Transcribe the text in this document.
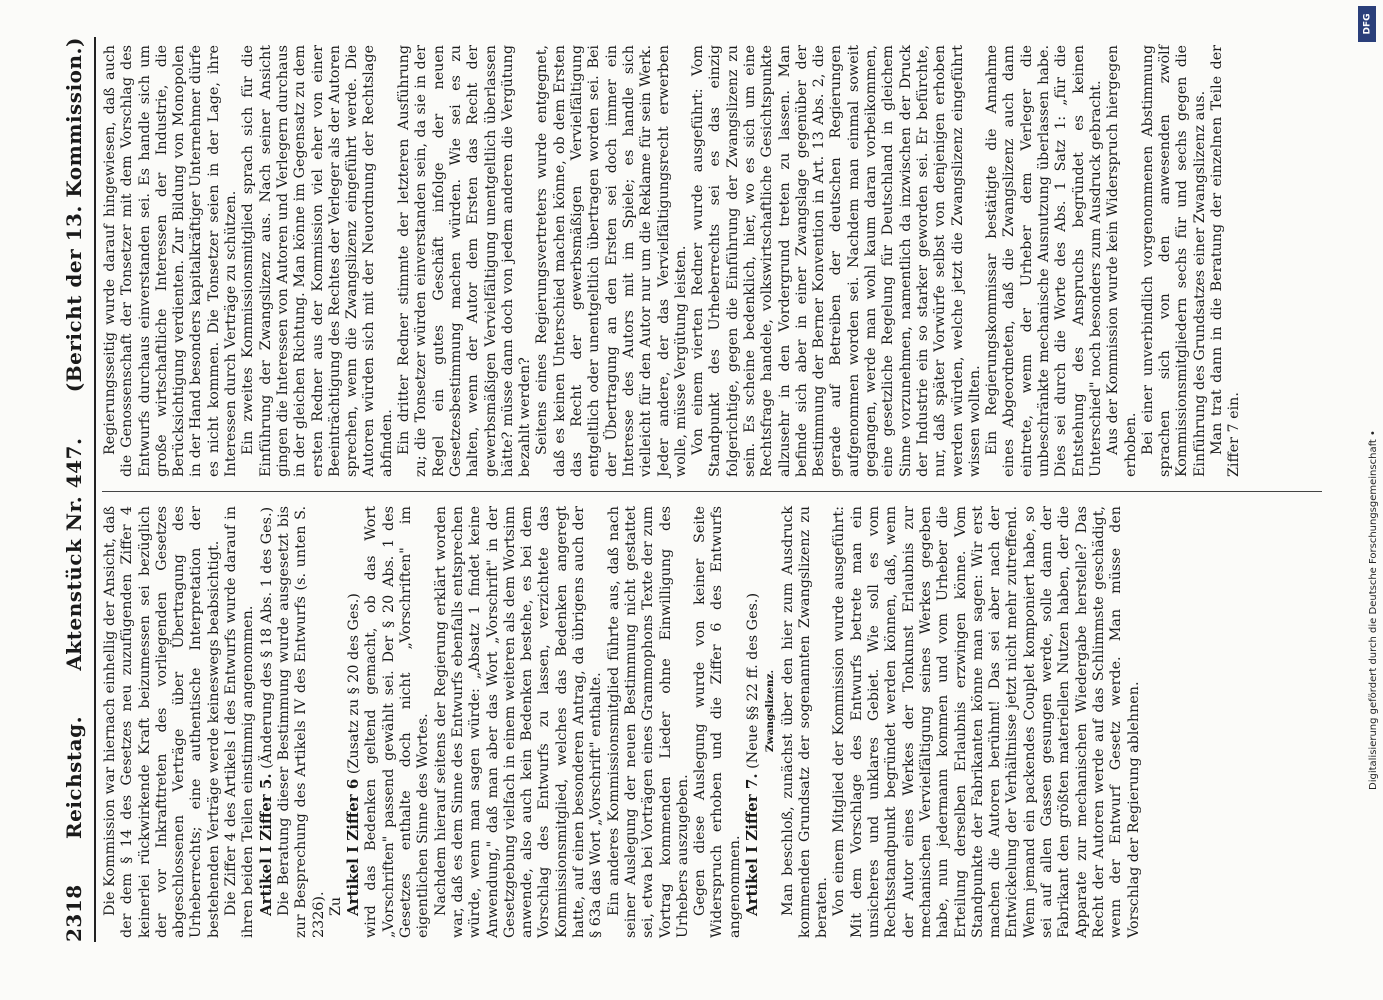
2318
Reichstag.
Aktenstück Nr. 447.
(Bericht der 13. Kommission.)

Die Kommission war hiernach einhellig der Ansicht, daß der dem § 14 des Gesetzes neu zuzufügenden Ziffer 4 keinerlei rückwirkende Kraft beizumessen sei bezüglich der vor Inkrafttreten des vorliegenden Gesetzes abgeschlossenen Verträge über Übertragung des Urheberrechts; eine authentische Interpretation der bestehenden Verträge werde keineswegs beabsichtigt. Die Ziffer 4 des Artikels I des Entwurfs wurde darauf in ihren beiden Teilen einstimmig angenommen. Artikel I Ziffer 5. (Änderung des § 18 Abs. 1 des Ges.) Die Beratung dieser Bestimmung wurde ausgesetzt bis zur Besprechung des Artikels IV des Entwurfs (s. unten S. 2326). Zu Artikel I Ziffer 6 (Zusatz zu § 20 des Ges.) wird das Bedenken geltend gemacht, ob das Wort „Vorschriften" passend gewählt sei. Der § 20 Abs. 1 des Gesetzes enthalte doch nicht „Vorschriften" im eigentlichen Sinne des Wortes. Nachdem hierauf seitens der Regierung erklärt worden war, daß es dem Sinne des Entwurfs ebenfalls entsprechen würde, wenn man sagen würde: „Absatz 1 findet keine Anwendung," daß man aber das Wort „Vorschrift" in der Gesetzgebung vielfach in einem weiteren als dem Wortsinn anwende, also auch kein Bedenken bestehe, es bei dem Vorschlag des Entwurfs zu lassen, verzichtete das Kommissionsmitglied, welches das Bedenken angeregt hatte, auf einen besonderen Antrag, da übrigens auch der § 63a das Wort „Vorschrift" enthalte. Ein anderes Kommissionsmitglied führte aus, daß nach seiner Auslegung der neuen Bestimmung nicht gestattet sei, etwa bei Vorträgen eines Grammophons Texte der zum Vortrag kommenden Lieder ohne Einwilligung des Urhebers auszugeben. Gegen diese Auslegung wurde von keiner Seite Widerspruch erhoben und die Ziffer 6 des Entwurfs angenommen. Artikel I Ziffer 7. (Neue §§ 22 ff. des Ges.) Zwangslizenz. Man beschloß, zunächst über den hier zum Ausdruck kommenden Grundsatz der sogenannten Zwangslizenz zu beraten. Von einem Mitglied der Kommission wurde ausgeführt: Mit dem Vorschlage des Entwurfs betrete man ein unsicheres und unklares Gebiet. Wie soll es vom Rechtsstandpunkt begründet werden können, daß, wenn der Autor eines Werkes der Tonkunst Erlaubnis zur mechanischen Vervielfältigung seines Werkes gegeben habe, nun jedermann kommen und vom Urheber die Erteilung derselben Erlaubnis erzwingen könne. Vom Standpunkte der Fabrikanten könne man sagen: Wir erst machen die Autoren berühmt! Das sei aber nach der Entwickelung der Verhältnisse jetzt nicht mehr zutreffend. Wenn jemand ein packendes Couplet komponiert habe, so sei auf allen Gassen gesungen werde, solle dann der Fabrikant den größten materiellen Nutzen haben, der die Apparate zur mechanischen Wiedergabe herstelle? Das Recht der Autoren werde auf das Schlimmste geschädigt, wenn der Entwurf Gesetz werde. Man müsse den Vorschlag der Regierung ablehnen.

Regierungsseitig wurde darauf hingewiesen, daß auch die Genossenschaft der Tonsetzer mit dem Vorschlag des Entwurfs durchaus einverstanden sei. Es handle sich um große wirtschaftliche Interessen der Industrie, die Berücksichtigung verdienten. Zur Bildung von Monopolen in der Hand besonders kapitalkräftiger Unternehmer dürfe es nicht kommen. Die Tonsetzer seien in der Lage, ihre Interessen durch Verträge zu schützen. Ein zweites Kommissionsmitglied sprach sich für die Einführung der Zwangslizenz aus. Nach seiner Ansicht gingen die Interessen von Autoren und Verlegern durchaus in der gleichen Richtung. Man könne im Gegensatz zu dem ersten Redner aus der Kommission viel eher von einer Beeinträchtigung des Rechtes der Verleger als der Autoren sprechen, wenn die Zwangslizenz eingeführt werde. Die Autoren würden sich mit der Neuordnung der Rechtslage abfinden. Ein dritter Redner stimmte der letzteren Ausführung zu; die Tonsetzer würden einverstanden sein, da sie in der Regel ein gutes Geschäft infolge der neuen Gesetzesbestimmung machen würden. Wie sei es zu halten, wenn der Autor dem Ersten das Recht der gewerbsmäßigen Vervielfältigung unentgeltlich überlassen hätte? müsse dann doch von jedem anderen die Vergütung bezahlt werden? Seitens eines Regierungsvertreters wurde entgegnet, daß es keinen Unterschied machen könne, ob dem Ersten das Recht der gewerbsmäßigen Vervielfältigung entgeltlich oder unentgeltlich übertragen worden sei. Bei der Übertragung an den Ersten sei doch immer ein Interesse des Autors mit im Spiele; es handle sich vielleicht für den Autor nur um die Reklame für sein Werk. Jeder andere, der das Vervielfältigungsrecht erwerben wolle, müsse Vergütung leisten. Von einem vierten Redner wurde ausgeführt: Vom Standpunkt des Urheberrechts sei es das einzig folgerichtige, gegen die Einführung der Zwangslizenz zu sein. Es scheine bedenklich, hier, wo es sich um eine Rechtsfrage handele, volkswirtschaftliche Gesichtspunkte allzusehr in den Vordergrund treten zu lassen. Man befinde sich aber in einer Zwangslage gegenüber der Bestimmung der Berner Konvention in Art. 13 Abs. 2, die gerade auf Betreiben der deutschen Regierungen aufgenommen worden sei. Nachdem man einmal soweit gegangen, werde man wohl kaum daran vorbeikommen, eine gesetzliche Regelung für Deutschland in gleichem Sinne vorzunehmen, namentlich da inzwischen der Druck der Industrie ein so starker geworden sei. Er befürchte, nur, daß später Vorwürfe selbst von denjenigen erhoben werden würden, welche jetzt die Zwangslizenz eingeführt wissen wollten. Ein Regierungskommissar bestätigte die Annahme eines Abgeordneten, daß die Zwangslizenz auch dann eintrete, wenn der Urheber dem Verleger die unbeschränkte mechanische Ausnutzung überlassen habe. Dies sei durch die Worte des Abs. 1 Satz 1: „für die Entstehung des Anspruchs begründet es keinen Unterschied" noch besonders zum Ausdruck gebracht. Aus der Kommission wurde kein Widerspruch hiergegen erhoben. Bei einer unverbindlich vorgenommenen Abstimmung sprachen sich von den anwesenden zwölf Kommissionsmitgliedern sechs für und sechs gegen die Einführung des Grundsatzes einer Zwangslizenz aus. Man trat dann in die Beratung der einzelnen Teile der Ziffer 7 ein.	Digitalisierung gefördert durch die Deutsche Forschungsgemeinschaft •
DFG
